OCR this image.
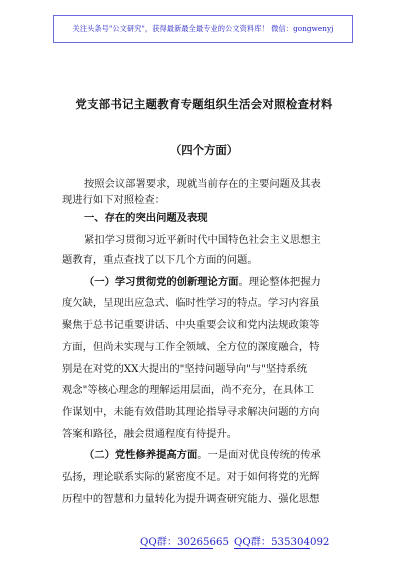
关注头条号"公文研究"，获得最新最全最专业的公文资料库！ 微信：gongwenyj
党支部书记主题教育专题组织生活会对照检查材料
（四个方面）
按照会议部署要求，现就当前存在的主要问题及其表
现进行如下对照检查：
一、存在的突出问题及表现
紧扣学习贯彻习近平新时代中国特色社会主义思想主
题教育，重点查找了以下几个方面的问题。
（一）学习贯彻党的创新理论方面。理论整体把握力
度欠缺，呈现出应急式、临时性学习的特点。学习内容虽
聚焦于总书记重要讲话、中央重要会议和党内法规政策等
方面，但尚未实现与工作全领域、全方位的深度融合，特
别是在对党的XX大提出的"坚持问题导向"与"坚持系统
观念"等核心理念的理解运用层面，尚不充分，在具体工
作谋划中，未能有效借助其理论指导寻求解决问题的方向
答案和路径，融会贯通程度有待提升。
（二）党性修养提高方面。一是面对优良传统的传承
弘扬，理论联系实际的紧密度不足。对于如何将党的光辉
历程中的智慧和力量转化为提升调查研究能力、强化思想
QQ群：30265665 QQ群：535304092
